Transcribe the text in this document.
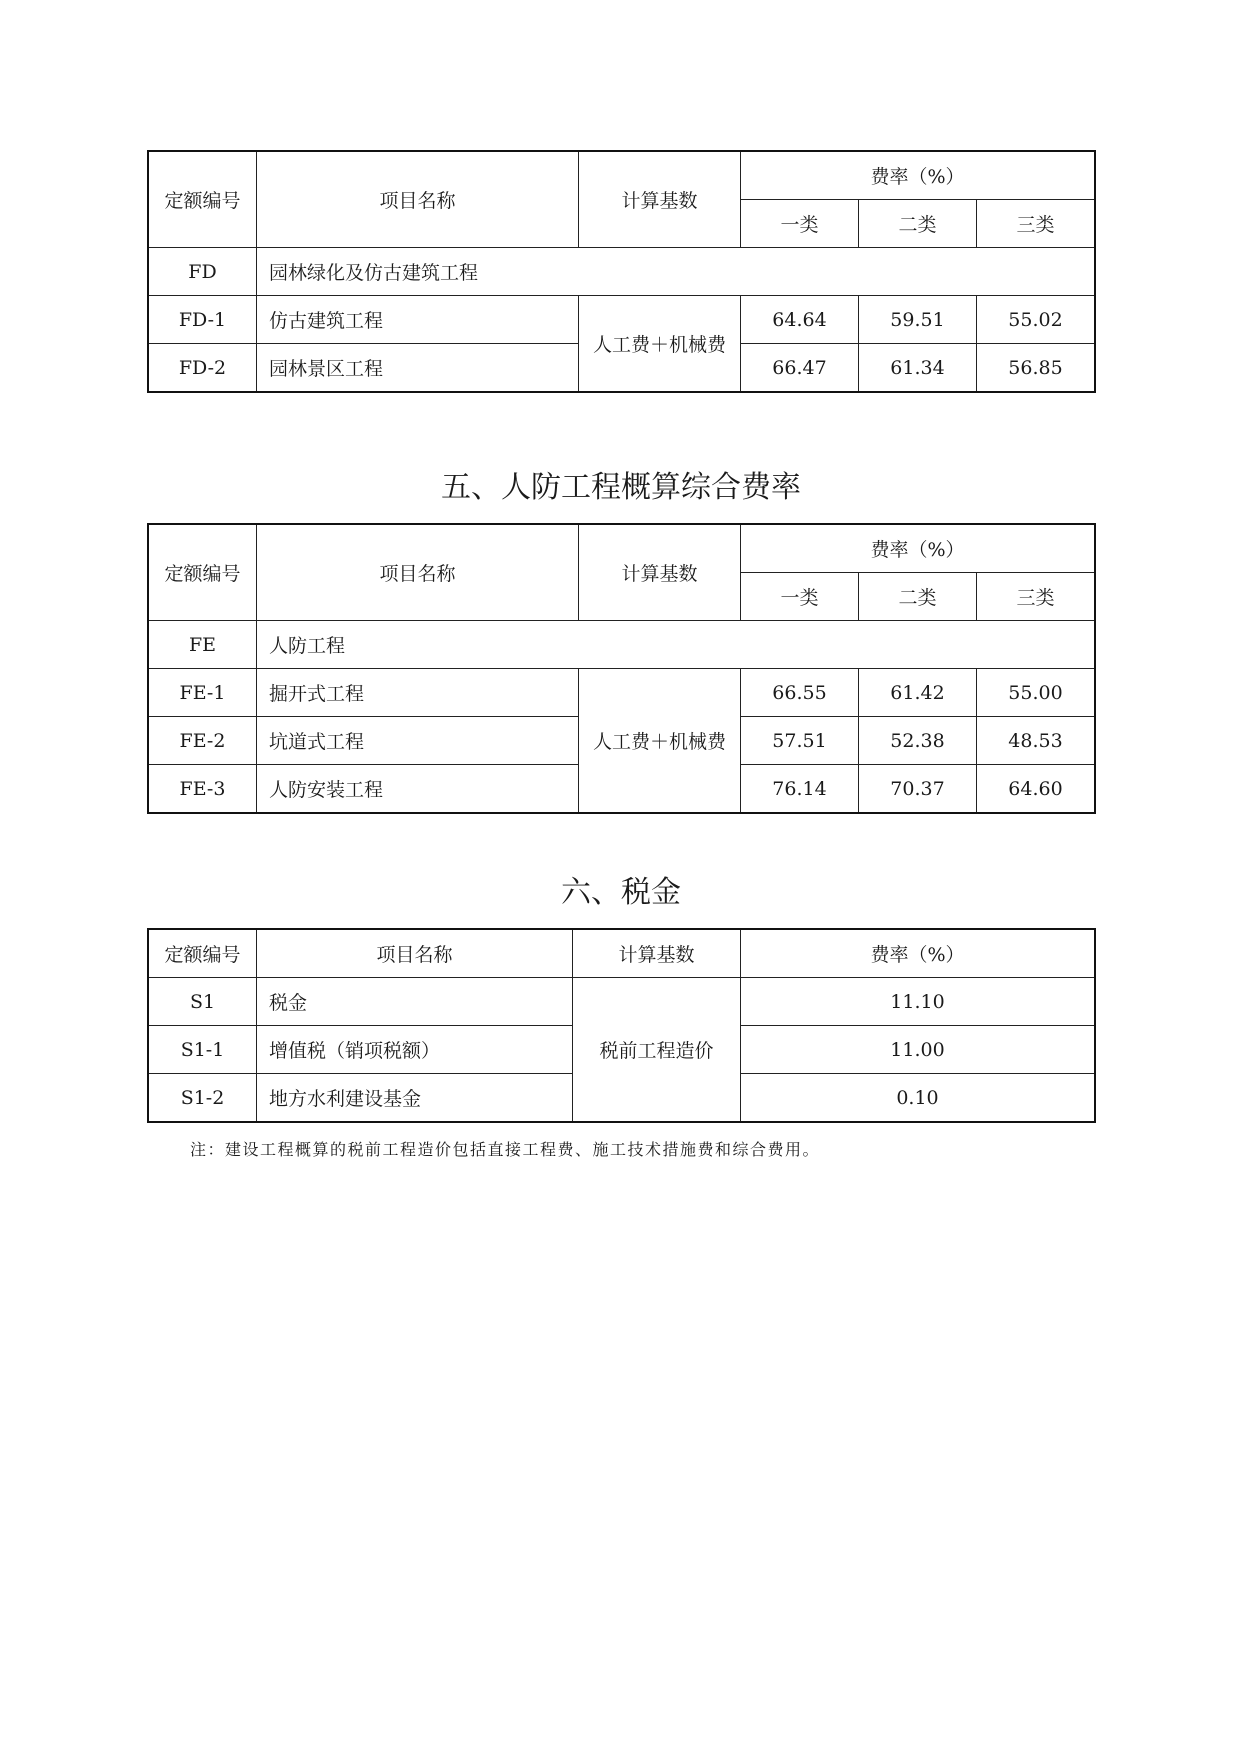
定额编号	项目名称	计算基数	费率（%）		
			一类	二类	三类
FD	园林绿化及仿古建筑工程				
FD-1	仿古建筑工程	人工费＋机械费	64.64	59.51	55.02
FD-2	园林景区工程		66.47	61.34	56.85
五、人防工程概算综合费率
定额编号	项目名称	计算基数	费率（%）		
			一类	二类	三类
FE	人防工程				
FE-1	掘开式工程	人工费＋机械费	66.55	61.42	55.00
FE-2	坑道式工程		57.51	52.38	48.53
FE-3	人防安装工程		76.14	70.37	64.60
六、税金
定额编号	项目名称	计算基数	费率（%）
S1	税金	税前工程造价	11.10
S1-1	增值税（销项税额）		11.00
S1-2	地方水利建设基金		0.10
注：建设工程概算的税前工程造价包括直接工程费、施工技术措施费和综合费用。
